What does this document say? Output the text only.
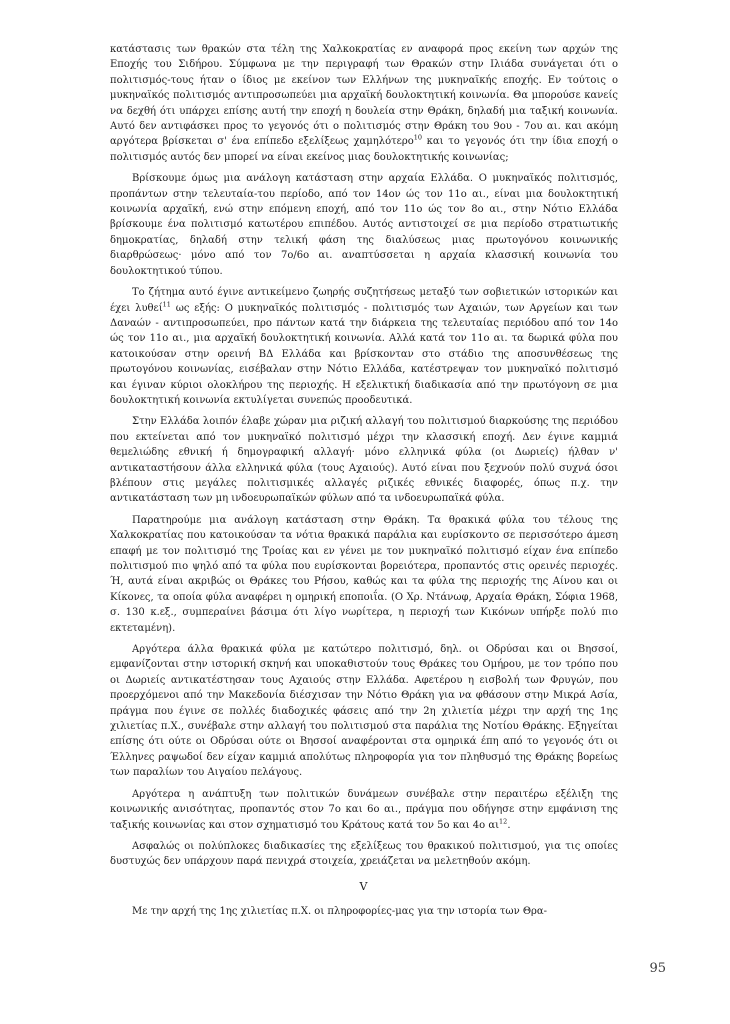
κατάστασις των θρακών στα τέλη της Χαλκοκρατίας εν αναφορά προς εκείνη των αρχών της Εποχής του Σιδήρου. Σύμφωνα με την περιγραφή των Θρακών στην Ιλιάδα συνάγεται ότι ο πολιτισμός-τους ήταν ο ίδιος με εκείνον των Ελλήνων της μυκηναϊκής εποχής. Εν τούτοις ο μυκηναϊκός πολιτισμός αντιπροσωπεύει μια αρχαϊκή δουλοκτητική κοινωνία. Θα μπορούσε κανείς να δεχθή ότι υπάρχει επίσης αυτή την εποχή η δουλεία στην Θράκη, δηλαδή μια ταξική κοινωνία. Αυτό δεν αντιφάσκει προς το γεγονός ότι ο πολιτισμός στην Θράκη του 9ου - 7ου αι. και ακόμη αργότερα βρίσκεται σ' ένα επίπεδο εξελίξεως χαμηλότερο$^{10}$ και το γεγονός ότι την ίδια εποχή ο πολιτισμός αυτός δεν μπορεί να είναι εκείνος μιας δουλοκτητικής κοινωνίας;

Βρίσκουμε όμως μια ανάλογη κατάσταση στην αρχαία Ελλάδα. Ο μυκηναϊκός πολιτισμός, προπάντων στην τελευταία-του περίοδο, από τον 14ον ώς τον 11ο αι., είναι μια δουλοκτητική κοινωνία αρχαϊκή, ενώ στην επόμενη εποχή, από τον 11ο ώς τον 8ο αι., στην Νότιο Ελλάδα βρίσκουμε ένα πολιτισμό κατωτέρου επιπέδου. Αυτός αντιστοιχεί σε μια περίοδο στρατιωτικής δημοκρατίας, δηλαδή στην τελική φάση της διαλύσεως μιας πρωτογόνου κοινωνικής διαρθρώσεως· μόνο από τον 7ο/6ο αι. αναπτύσσεται η αρχαία κλασσική κοινωνία του δουλοκτητικού τύπου.

Το ζήτημα αυτό έγινε αντικείμενο ζωηρής συζητήσεως μεταξύ των σοβιετικών ιστορικών και έχει λυθεί$^{11}$ ως εξής: Ο μυκηναϊκός πολιτισμός - πολιτισμός των Αχαιών, των Αργείων και των Δαναών - αντιπροσωπεύει, προ πάντων κατά την διάρκεια της τελευταίας περιόδου από τον 14ο ώς τον 11ο αι., μια αρχαϊκή δουλοκτητική κοινωνία. Αλλά κατά τον 11ο αι. τα δωρικά φύλα που κατοικούσαν στην ορεινή ΒΔ Ελλάδα και βρίσκονταν στο στάδιο της αποσυνθέσεως της πρωτογόνου κοινωνίας, εισέβαλαν στην Νότιο Ελλάδα, κατέστρεψαν τον μυκηναϊκό πολιτισμό και έγιναν κύριοι ολοκλήρου της περιοχής. Η εξελικτική διαδικασία από την πρωτόγονη σε μια δουλοκτητική κοινωνία εκτυλίγεται συνεπώς προοδευτικά.

Στην Ελλάδα λοιπόν έλαβε χώραν μια ριζική αλλαγή του πολιτισμού διαρκούσης της περιόδου που εκτείνεται από τον μυκηναϊκό πολιτισμό μέχρι την κλασσική εποχή. Δεν έγινε καμμιά θεμελιώδης εθνική ή δημογραφική αλλαγή· μόνο ελληνικά φύλα (οι Δωριείς) ήλθαν ν' αντικαταστήσουν άλλα ελληνικά φύλα (τους Αχαιούς). Αυτό είναι που ξεχνούν πολύ συχνά όσοι βλέπουν στις μεγάλες πολιτισμικές αλλαγές ριζικές εθνικές διαφορές, όπως π.χ. την αντικατάσταση των μη ινδοευρωπαϊκών φύλων από τα ινδοευρωπαϊκά φύλα.

Παρατηρούμε μια ανάλογη κατάσταση στην Θράκη. Τα θρακικά φύλα του τέλους της Χαλκοκρατίας που κατοικούσαν τα νότια θρακικά παράλια και ευρίσκοντο σε περισσότερο άμεση επαφή με τον πολιτισμό της Τροίας και εν γένει με τον μυκηναϊκό πολιτισμό είχαν ένα επίπεδο πολιτισμού πιο ψηλό από τα φύλα που ευρίσκονται βορειότερα, προπαντός στις ορεινές περιοχές. Ή, αυτά είναι ακριβώς οι Θράκες του Ρήσου, καθώς και τα φύλα της περιοχής της Αίνου και οι Κίκονες, τα οποία φύλα αναφέρει η ομηρική εποποιΐα. (Ο Χρ. Ντάνωφ, Αρχαία Θράκη, Σόφια 1968, σ. 130 κ.εξ., συμπεραίνει βάσιμα ότι λίγο νωρίτερα, η περιοχή των Κικόνων υπήρξε πολύ πιο εκτεταμένη).

Αργότερα άλλα θρακικά φύλα με κατώτερο πολιτισμό, δηλ. οι Οδρύσαι και οι Βησσοί, εμφανίζονται στην ιστορική σκηνή και υποκαθιστούν τους Θράκες του Ομήρου, με τον τρόπο που οι Δωριείς αντικατέστησαν τους Αχαιούς στην Ελλάδα. Αφετέρου η εισβολή των Φρυγών, που προερχόμενοι από την Μακεδονία διέσχισαν την Νότιο Θράκη για να φθάσουν στην Μικρά Ασία, πράγμα που έγινε σε πολλές διαδοχικές φάσεις από την 2η χιλιετία μέχρι την αρχή της 1ης χιλιετίας π.Χ., συνέβαλε στην αλλαγή του πολιτισμού στα παράλια της Νοτίου Θράκης. Εξηγείται επίσης ότι ούτε οι Οδρύσαι ούτε οι Βησσοί αναφέρονται στα ομηρικά έπη από το γεγονός ότι οι Έλληνες ραψωδοί δεν είχαν καμμιά απολύτως πληροφορία για τον πληθυσμό της Θράκης βορείως των παραλίων του Αιγαίου πελάγους.

Αργότερα η ανάπτυξη των πολιτικών δυνάμεων συνέβαλε στην περαιτέρω εξέλιξη της κοινωνικής ανισότητας, προπαντός στον 7ο και 6ο αι., πράγμα που οδήγησε στην εμφάνιση της ταξικής κοινωνίας και στον σχηματισμό του Κράτους κατά τον 5ο και 4ο αι$^{12}$.

Ασφαλώς οι πολύπλοκες διαδικασίες της εξελίξεως του θρακικού πολιτισμού, για τις οποίες δυστυχώς δεν υπάρχουν παρά πενιχρά στοιχεία, χρειάζεται να μελετηθούν ακόμη.

V

Με την αρχή της 1ης χιλιετίας π.Χ. οι πληροφορίες-μας για την ιστορία των Θρα-

95
